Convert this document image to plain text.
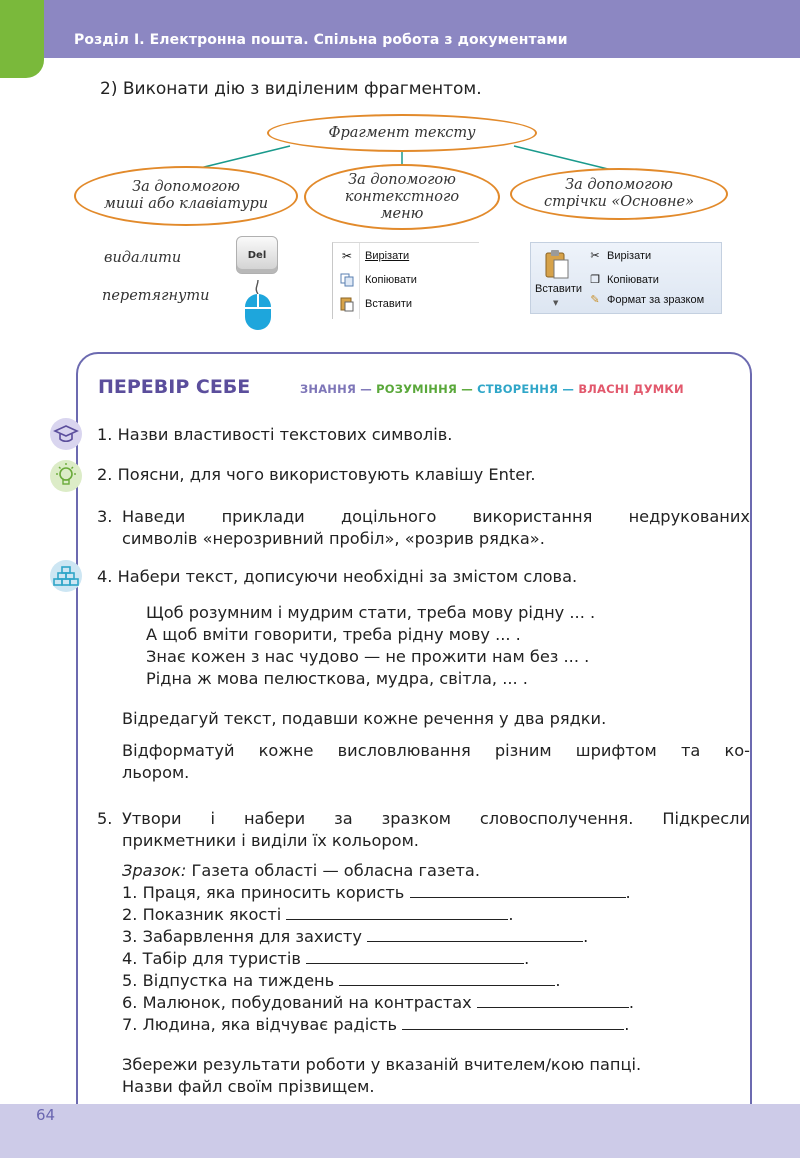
Розділ І. Електронна пошта. Спільна робота з документами
2) Виконати дію з виділеним фрагментом.
Фрагмент тексту
За допомогою
миші або клавіатури
За допомогою
контекстного
меню
За допомогою
стрічки «Основне»
видалити
перетягнути
Del	✂	Вирізати
Копіювати
Вставити
Вставити
▼
✂ Вирізати
❐ Копіювати
✎ Формат за зразком
64
ПЕРЕВІР СЕБЕ	ЗНАННЯ — РОЗУМІННЯ — СТВОРЕННЯ — ВЛАСНІ ДУМКИ
1. Назви властивості текстових символів.
2. Поясни, для чого використовують клавішу Enter.
3. Наведи приклади доцільного використання недрукованих
символів «нерозривний пробіл», «розрив рядка».
4. Набери текст, дописуючи необхідні за змістом слова.
Щоб розумним і мудрим стати, треба мову рідну ... .
А щоб вміти говорити, треба рідну мову ... .
Знає кожен з нас чудово — не прожити нам без ... .
Рідна ж мова пелюсткова, мудра, світла, ... .
Відредагуй текст, подавши кожне речення у два рядки.
Відформатуй кожне висловлювання різним шрифтом та ко-
льором.
5. Утвори і набери за зразком словосполучення. Підкресли
прикметники і виділи їх кольором.
Зразок: Газета області — обласна газета.
1. Праця, яка приносить користь	.
2. Показник якості	.
3. Забарвлення для захисту	.
4. Табір для туристів	.
5. Відпустка на тиждень	.
6. Малюнок, побудований на контрастах	.
7. Людина, яка відчуває радість	.
Збережи результати роботи у вказаній вчителем/кою папці.
Назви файл своїм прізвищем.
